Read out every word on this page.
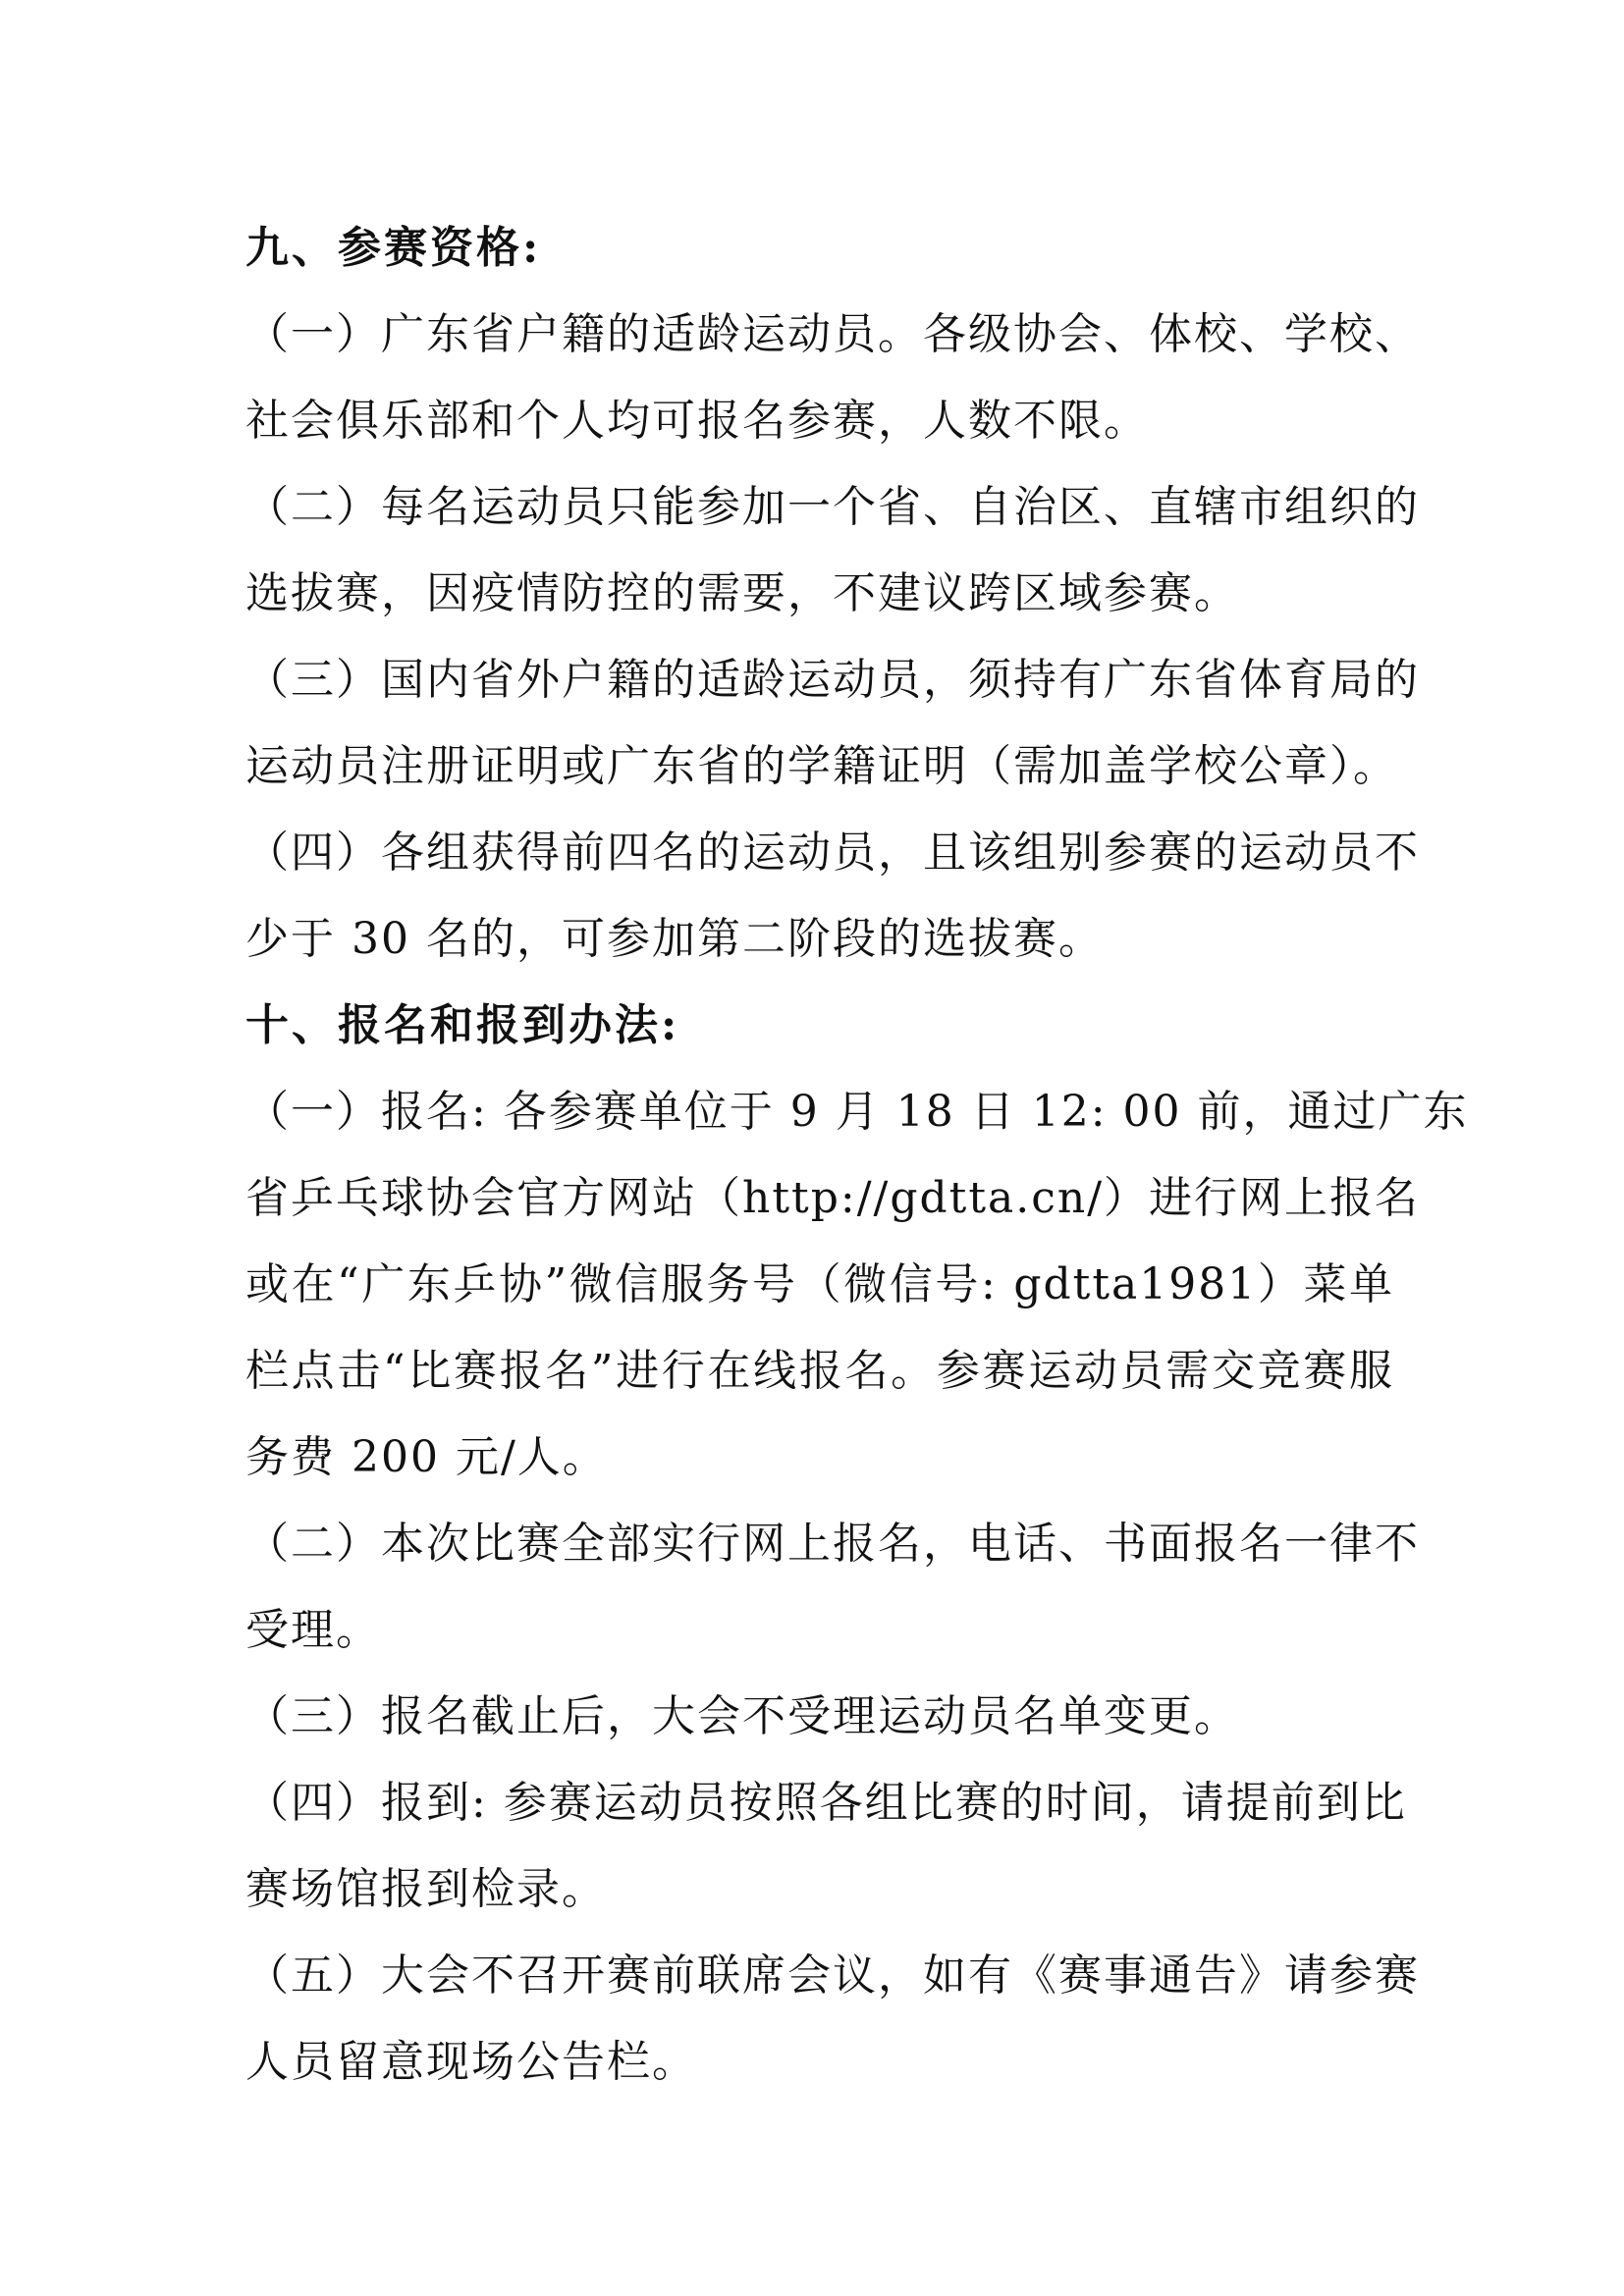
九、参赛资格:
（一）广东省户籍的适龄运动员。各级协会、体校、学校、
社会俱乐部和个人均可报名参赛，人数不限。
（二）每名运动员只能参加一个省、自治区、直辖市组织的
选拔赛，因疫情防控的需要，不建议跨区域参赛。
（三）国内省外户籍的适龄运动员，须持有广东省体育局的
运动员注册证明或广东省的学籍证明（需加盖学校公章）。
（四）各组获得前四名的运动员，且该组别参赛的运动员不
少于 30 名的，可参加第二阶段的选拔赛。
十、报名和报到办法:
（一）报名: 各参赛单位于 9 月 18 日 12: 00 前，通过广东
省乒乓球协会官方网站（http://gdtta.cn/）进行网上报名
或在“广东乒协”微信服务号（微信号: gdtta1981）菜单
栏点击“比赛报名”进行在线报名。参赛运动员需交竞赛服
务费 200 元/人。
（二）本次比赛全部实行网上报名，电话、书面报名一律不
受理。
（三）报名截止后，大会不受理运动员名单变更。
（四）报到: 参赛运动员按照各组比赛的时间，请提前到比
赛场馆报到检录。
（五）大会不召开赛前联席会议，如有《赛事通告》请参赛
人员留意现场公告栏。
